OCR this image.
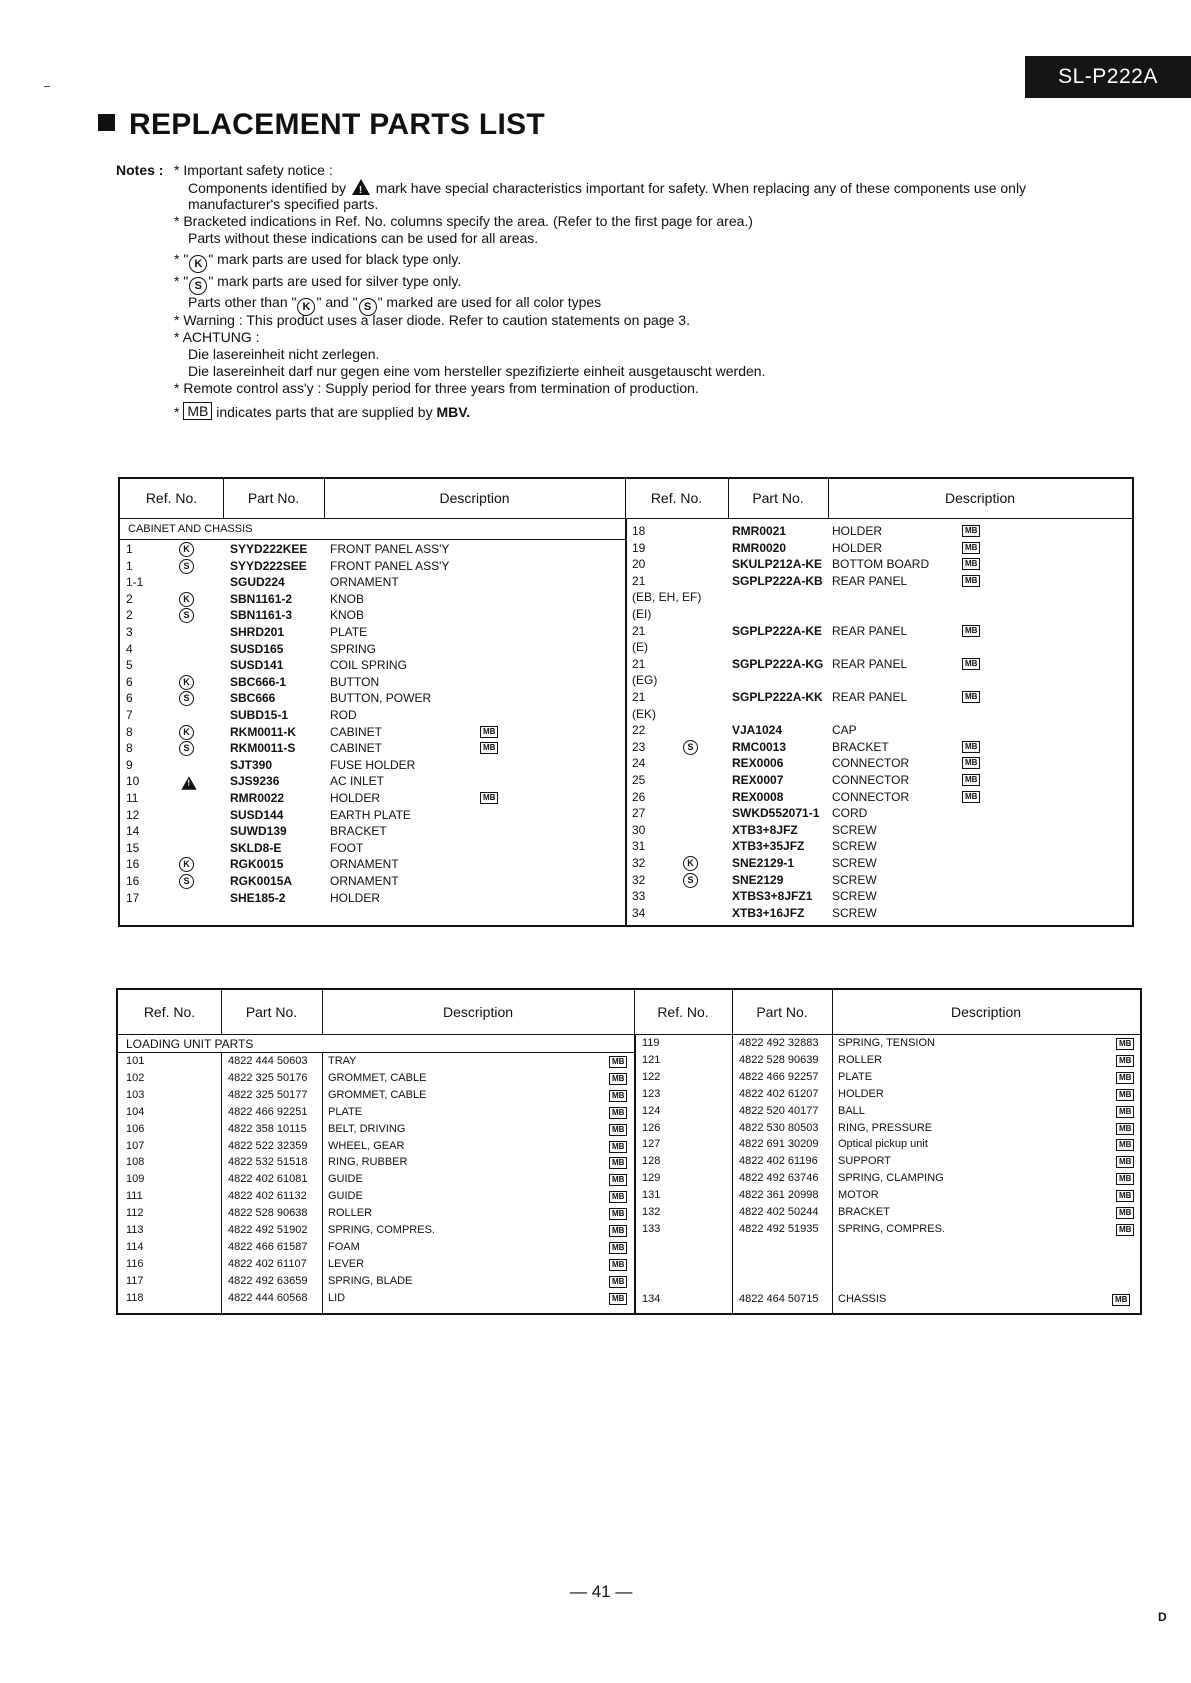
SL-P222A
REPLACEMENT PARTS LIST
Notes : * Important safety notice :
Components identified by ! mark have special characteristics important for safety. When replacing any of these components use only
manufacturer's specified parts.
* Bracketed indications in Ref. No. columns specify the area. (Refer to the first page for area.)
Parts without these indications can be used for all areas.
* " K " mark parts are used for black type only.
* " S " mark parts are used for silver type only.
Parts other than " K " and " S " marked are used for all color types
* Warning : This product uses a laser diode. Refer to caution statements on page 3.
* ACHTUNG :
Die lasereinheit nicht zerlegen.
Die lasereinheit darf nur gegen eine vom hersteller spezifizierte einheit ausgetauscht werden.
* Remote control ass'y : Supply period for three years from termination of production.
* MB indicates parts that are supplied by MBV.
Ref. No.	Part No.	Description	Ref. No.	Part No.	Description
CABINET AND CHASSIS
1	K	SYYD222KEE FRONT PANEL ASS'Y
1	S	SYYD222SEE FRONT PANEL ASS'Y
1-1	SGUD224	ORNAMENT
2	K	SBN1161-2	KNOB
2	S	SBN1161-3	KNOB
3	SHRD201	PLATE
4	SUSD165	SPRING
5	SUSD141	COIL SPRING
6	K	SBC666-1	BUTTON
6	S	SBC666	BUTTON, POWER
7	SUBD15-1	ROD
8	K	RKM0011-K	CABINET	MB
8	S	RKM0011-S	CABINET	MB
9	SJT390	FUSE HOLDER
10 !	SJS9236	AC INLET
11	RMR0022	HOLDER	MB
12	SUSD144	EARTH PLATE
14	SUWD139	BRACKET
15	SKLD8-E	FOOT
16	K	RGK0015	ORNAMENT
16	S	RGK0015A	ORNAMENT
17	SHE185-2	HOLDER
18	RMR0021	HOLDER	MB
19	RMR0020	HOLDER	MB
20	SKULP212A-KE BOTTOM BOARD	MB
21	SGPLP222A-KB REAR PANEL	MB
(EB, EH, EF)
(EI)
21	SGPLP222A-KE REAR PANEL	MB
(E)
21	SGPLP222A-KG REAR PANEL	MB
(EG)
21	SGPLP222A-KK REAR PANEL	MB
(EK)
22	VJA1024	CAP
23	S	RMC0013	BRACKET	MB
24	REX0006	CONNECTOR	MB
25	REX0007	CONNECTOR	MB
26	REX0008	CONNECTOR	MB
27	SWKD552071-1 CORD
30	XTB3+8JFZ	SCREW
31	XTB3+35JFZ SCREW
32	K	SNE2129-1	SCREW
32	S	SNE2129	SCREW
33	XTBS3+8JFZ1 SCREW
34	XTB3+16JFZ SCREW
Ref. No.	Part No.	Description	Ref. No.	Part No.	Description
LOADING UNIT PARTS
101	4822 444 50603 TRAY	MB
102	4822 325 50176 GROMMET, CABLE	MB
103	4822 325 50177 GROMMET, CABLE	MB
104	4822 466 92251 PLATE	MB
106	4822 358 10115 BELT, DRIVING	MB
107	4822 522 32359 WHEEL, GEAR	MB
108	4822 532 51518 RING, RUBBER	MB
109	4822 402 61081 GUIDE	MB
111	4822 402 61132 GUIDE	MB
112	4822 528 90638 ROLLER	MB
113	4822 492 51902 SPRING, COMPRES.	MB
114	4822 466 61587 FOAM	MB
116	4822 402 61107 LEVER	MB
117	4822 492 63659 SPRING, BLADE	MB
118	4822 444 60568 LID	MB
119	4822 492 32883 SPRING, TENSION	MB
121	4822 528 90639 ROLLER	MB
122	4822 466 92257 PLATE	MB
123	4822 402 61207 HOLDER	MB
124	4822 520 40177 BALL	MB
126	4822 530 80503 RING, PRESSURE	MB
127	4822 691 30209 Optical pickup unit	MB
128	4822 402 61196 SUPPORT	MB
129	4822 492 63746 SPRING, CLAMPING	MB
131	4822 361 20998 MOTOR	MB
132	4822 402 50244 BRACKET	MB
133	4822 492 51935 SPRING, COMPRES.	MB
134	4822 464 50715 CHASSIS	MB
— 41 —
D
